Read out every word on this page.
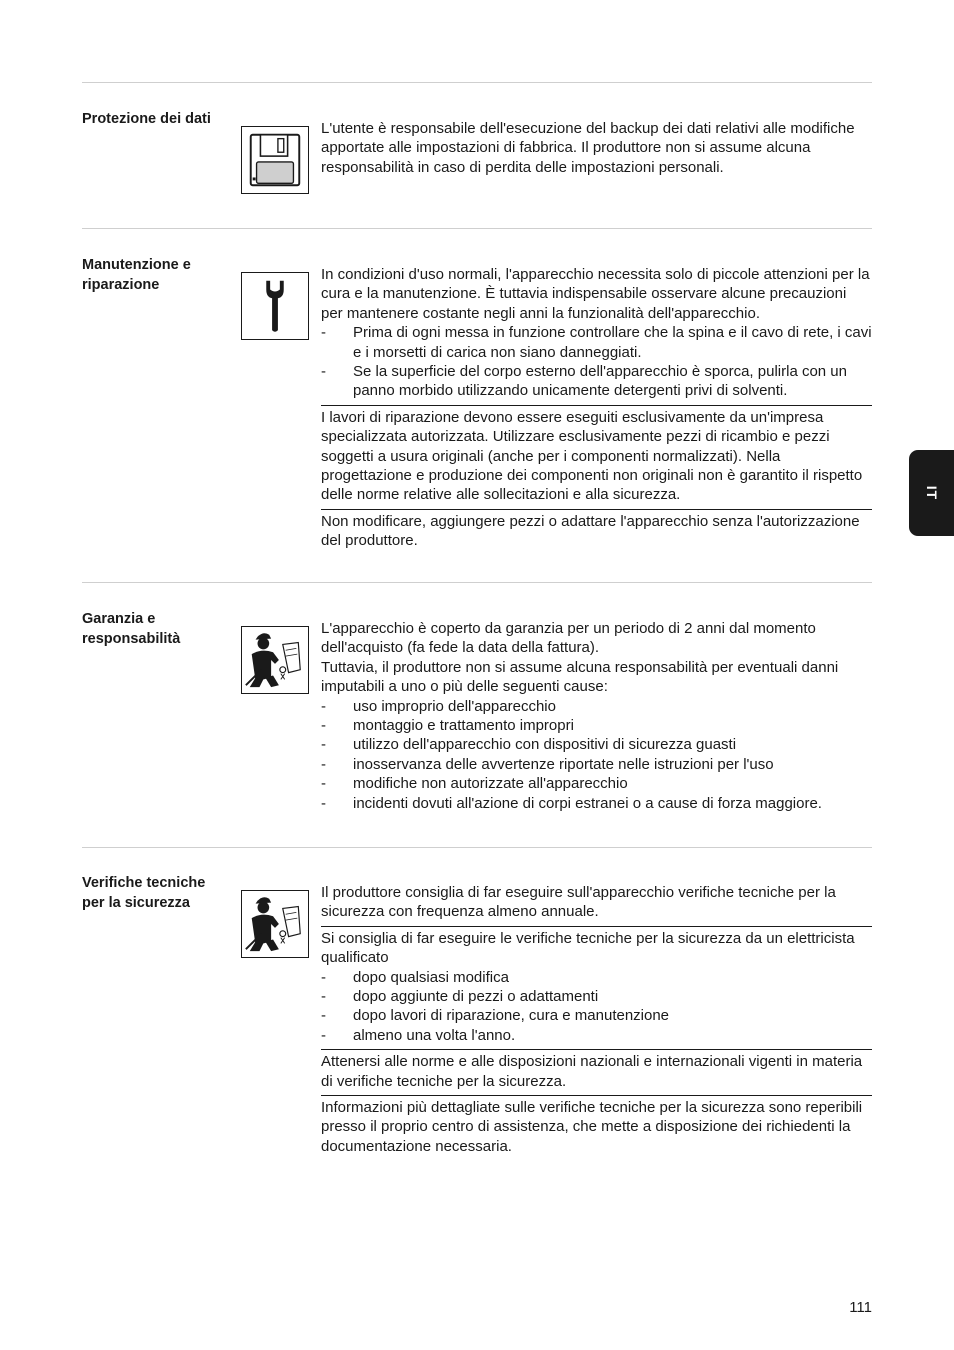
Protezione dei dati

L'utente è responsabile dell'esecuzione del backup dei dati relativi alle modifiche apportate alle impostazioni di fabbrica. Il produttore non si assume alcuna responsabilità in caso di perdita delle impostazioni personali.

Manutenzione e riparazione

In condizioni d'uso normali, l'apparecchio necessita solo di piccole attenzioni per la cura e la manutenzione. È tuttavia indispensabile osservare alcune precauzioni per mantenere costante negli anni la funzionalità dell'apparecchio.

- Prima di ogni messa in funzione controllare che la spina e il cavo di rete, i cavi e i morsetti di carica non siano danneggiati.
- Se la superficie del corpo esterno dell'apparecchio è sporca, pulirla con un panno morbido utilizzando unicamente detergenti privi di solventi.

I lavori di riparazione devono essere eseguiti esclusivamente da un'impresa specializzata autorizzata. Utilizzare esclusivamente pezzi di ricambio e pezzi soggetti a usura originali (anche per i componenti normalizzati). Nella progettazione e produzione dei componenti non originali non è garantito il rispetto delle norme relative alle sollecitazioni e alla sicurezza.

Non modificare, aggiungere pezzi o adattare l'apparecchio senza l'autorizzazione del produttore.

Garanzia e responsabilità

L'apparecchio è coperto da garanzia per un periodo di 2 anni dal momento dell'acquisto (fa fede la data della fattura).

Tuttavia, il produttore non si assume alcuna responsabilità per eventuali danni imputabili a uno o più delle seguenti cause:

- uso improprio dell'apparecchio
- montaggio e trattamento impropri
- utilizzo dell'apparecchio con dispositivi di sicurezza guasti
- inosservanza delle avvertenze riportate nelle istruzioni per l'uso
- modifiche non autorizzate all'apparecchio
- incidenti dovuti all'azione di corpi estranei o a cause di forza maggiore.
Verifiche tecniche per la sicurezza

Il produttore consiglia di far eseguire sull'apparecchio verifiche tecniche per la sicurezza con frequenza almeno annuale.

Si consiglia di far eseguire le verifiche tecniche per la sicurezza da un elettricista qualificato

- dopo qualsiasi modifica
- dopo aggiunte di pezzi o adattamenti
- dopo lavori di riparazione, cura e manutenzione
- almeno una volta l'anno.

Attenersi alle norme e alle disposizioni nazionali e internazionali vigenti in materia di verifiche tecniche per la sicurezza.

Informazioni più dettagliate sulle verifiche tecniche per la sicurezza sono reperibili presso il proprio centro di assistenza, che mette a disposizione dei richiedenti la documentazione necessaria.

IT
111
